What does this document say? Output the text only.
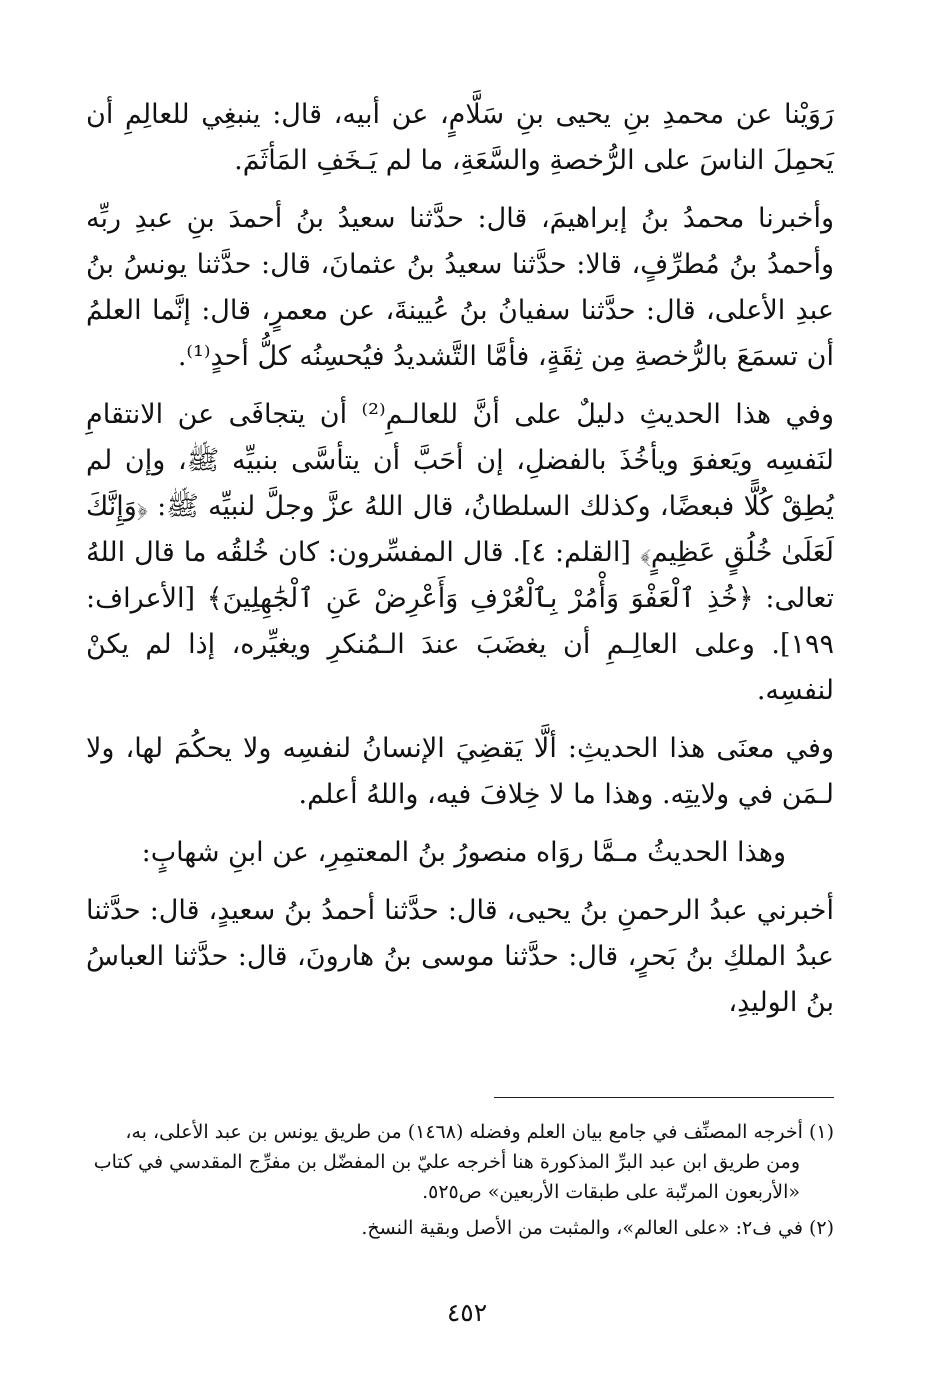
رَوَيْنا عن محمدِ بنِ يحيى بنِ سَلَّامٍ، عن أبيه، قال: ينبغِي للعالِمِ أن يَحمِلَ الناسَ على الرُّخصةِ والسَّعَةِ، ما لم يَـخَفِ المَأثَمَ.

وأخبرنا محمدُ بنُ إبراهيمَ، قال: حدَّثنا سعيدُ بنُ أحمدَ بنِ عبدِ ربِّه وأحمدُ بنُ مُطرِّفٍ، قالا: حدَّثنا سعيدُ بنُ عثمانَ، قال: حدَّثنا يونسُ بنُ عبدِ الأعلى، قال: حدَّثنا سفيانُ بنُ عُيينةَ، عن معمرٍ، قال: إنَّما العلمُ أن تسمَعَ بالرُّخصةِ مِن ثِقَةٍ، فأمَّا التَّشديدُ فيُحسِنُه كلُّ أحدٍ⁽¹⁾.

وفي هذا الحديثِ دليلٌ على أنَّ للعالـمِ⁽²⁾ أن يتجافَى عن الانتقامِ لنَفسِه ويَعفوَ ويأخُذَ بالفضلِ، إن أحَبَّ أن يتأسَّى بنبيِّه ﷺ، وإن لم يُطِقْ كُلًّا فبعضًا، وكذلك السلطانُ، قال اللهُ عزَّ وجلَّ لنبيِّه ﷺ: ﴿وَإِنَّكَ لَعَلَىٰ خُلُقٍ عَظِيمٍ﴾ [القلم: ٤]. قال المفسِّرون: كان خُلقُه ما قال اللهُ تعالى: ﴿خُذِ ٱلْعَفْوَ وَأْمُرْ بِٱلْعُرْفِ وَأَعْرِضْ عَنِ ٱلْجَٰهِلِينَ﴾ [الأعراف: ١٩٩]. وعلى العالِـمِ أن يغضَبَ عندَ الـمُنكرِ ويغيِّره، إذا لم يكنْ لنفسِه.

وفي معنَى هذا الحديثِ: ألَّا يَقضِيَ الإنسانُ لنفسِه ولا يحكُمَ لها، ولا لـمَن في ولايتِه. وهذا ما لا خِلافَ فيه، واللهُ أعلم.

وهذا الحديثُ مـمَّا روَاه منصورُ بنُ المعتمِرِ، عن ابنِ شهابٍ:

أخبرني عبدُ الرحمنِ بنُ يحيى، قال: حدَّثنا أحمدُ بنُ سعيدٍ، قال: حدَّثنا عبدُ الملكِ بنُ بَحرٍ، قال: حدَّثنا موسى بنُ هارونَ، قال: حدَّثنا العباسُ بنُ الوليدِ،

(١) أخرجه المصنِّف في جامع بيان العلم وفضله (١٤٦٨) من طريق يونس بن عبد الأعلى، به، ومن طريق ابن عبد البرِّ المذكورة هنا أخرجه عليّ بن المفضّل بن مفرِّج المقدسي في كتاب «الأربعون المرتّبة على طبقات الأربعين» ص٥٢٥.
(٢) في ف٢: «على العالم»، والمثبت من الأصل وبقية النسخ.
٤٥٢
